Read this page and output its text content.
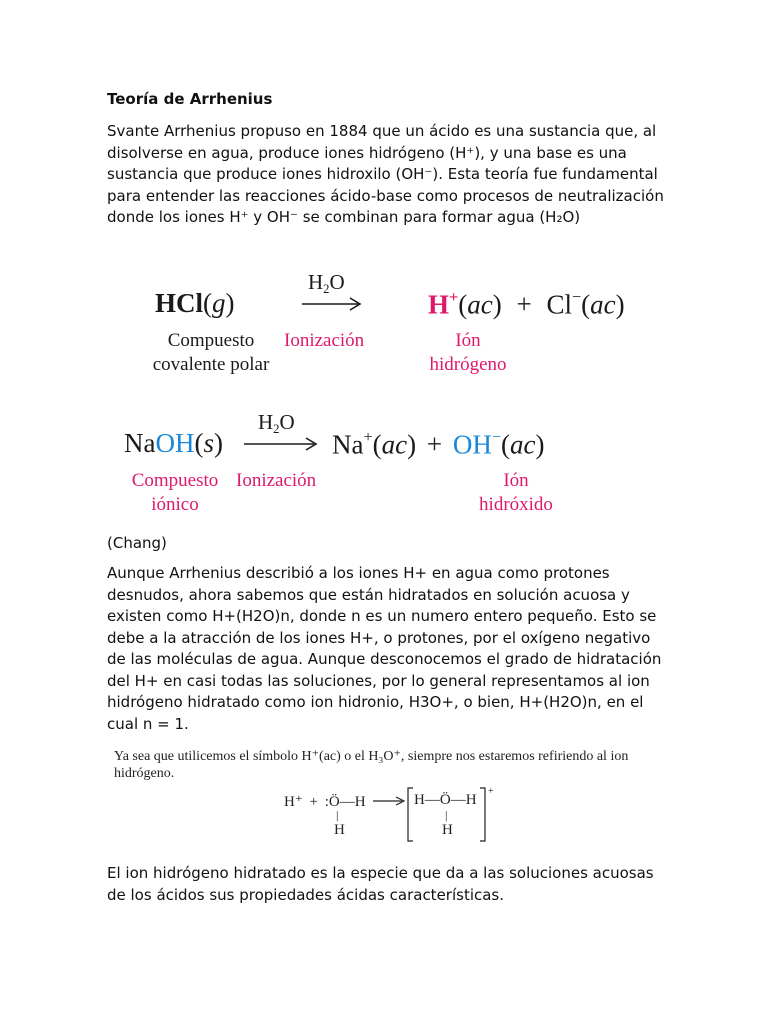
Teoría de Arrhenius
Svante Arrhenius propuso en 1884 que un ácido es una sustancia que, al disolverse en agua, produce iones hidrógeno (H⁺), y una base es una sustancia que produce iones hidroxilo (OH⁻). Esta teoría fue fundamental para entender las reacciones ácido-base como procesos de neutralización donde los iones H⁺ y OH⁻ se combinan para formar agua (H₂O)
HCl(g)
H2O
H+(ac) + Cl−(ac)
Compuesto
covalente polar
Ionización	Ión
hidrógeno
NaOH(s)
H2O
Na+(ac) + OH−(ac)
Compuesto
iónico
Ionización	Ión
hidróxido
(Chang)
Aunque Arrhenius describió a los iones H+ en agua como protones desnudos, ahora sabemos que están hidratados en solución acuosa y existen como H+(H2O)n, donde n es un numero entero pequeño. Esto se debe a la atracción de los iones H+, o protones, por el oxígeno negativo de las moléculas de agua. Aunque desconocemos el grado de hidratación del H+ en casi todas las soluciones, por lo general representamos al ion hidrógeno hidratado como ion hidronio, H3O+, o bien, H+(H2O)n, en el cual n = 1.
Ya sea que utilicemos el símbolo H⁺(ac) o el H₃O⁺, siempre nos estaremos refiriendo al ion
hidrógeno.
H⁺ + :Ö—H
|
H
→ H—Ö—H
|
H
+
El ion hidrógeno hidratado es la especie que da a las soluciones acuosas de los ácidos sus propiedades ácidas características.
